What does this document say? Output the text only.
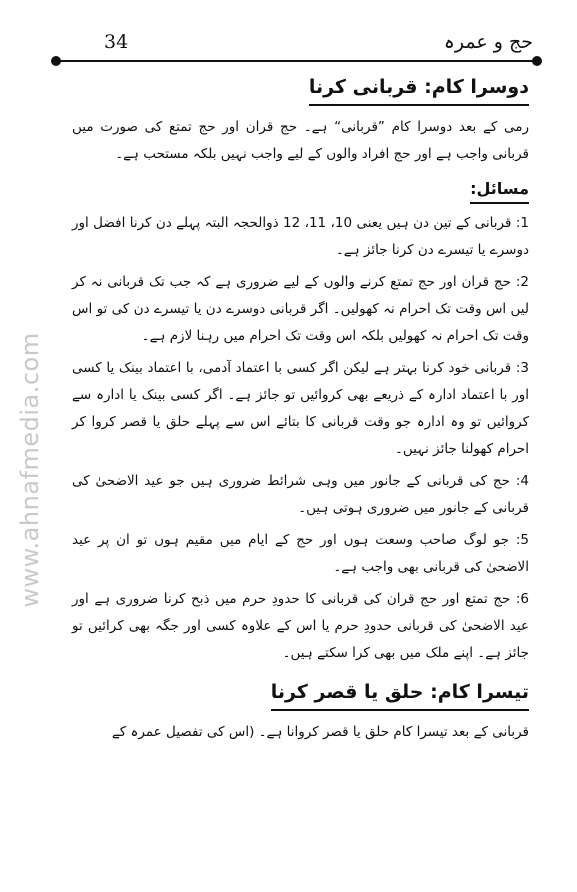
34	حج و عمرہ
www.ahnafmedia.com
دوسرا کام: قربانی کرنا

رمی کے بعد دوسرا کام ”قربانی“ ہے۔ حج قران اور حج تمتع کی صورت میں قربانی واجب ہے اور حج افراد والوں کے لیے واجب نہیں بلکہ مستحب ہے۔

مسائل:

1: قربانی کے تین دن ہیں یعنی 10، 11، 12 ذوالحجہ البتہ پہلے دن کرنا افضل اور دوسرے یا تیسرے دن کرنا جائز ہے۔

2: حج قران اور حج تمتع کرنے والوں کے لیے ضروری ہے کہ جب تک قربانی نہ کر لیں اس وقت تک احرام نہ کھولیں۔ اگر قربانی دوسرے دن یا تیسرے دن کی تو اس وقت تک احرام نہ کھولیں بلکہ اس وقت تک احرام میں رہنا لازم ہے۔

3: قربانی خود کرنا بہتر ہے لیکن اگر کسی با اعتماد آدمی، با اعتماد بینک یا کسی اور با اعتماد ادارہ کے ذریعے بھی کروائیں تو جائز ہے۔ اگر کسی بینک یا ادارہ سے کروائیں تو وہ ادارہ جو وقت قربانی کا بتائے اس سے پہلے حلق یا قصر کروا کر احرام کھولنا جائز نہیں۔

4: حج کی قربانی کے جانور میں وہی شرائط ضروری ہیں جو عید الاضحیٰ کی قربانی کے جانور میں ضروری ہوتی ہیں۔

5: جو لوگ صاحب وسعت ہوں اور حج کے ایام میں مقیم ہوں تو ان پر عید الاضحیٰ کی قربانی بھی واجب ہے۔

6: حج تمتع اور حج قران کی قربانی کا حدودِ حرم میں ذبح کرنا ضروری ہے اور عید الاضحیٰ کی قربانی حدودِ حرم یا اس کے علاوہ کسی اور جگہ بھی کرائیں تو جائز ہے۔ اپنے ملک میں بھی کرا سکتے ہیں۔

تیسرا کام: حلق یا قصر کرنا

قربانی کے بعد تیسرا کام حلق یا قصر کروانا ہے۔ (اس کی تفصیل عمرہ کے
